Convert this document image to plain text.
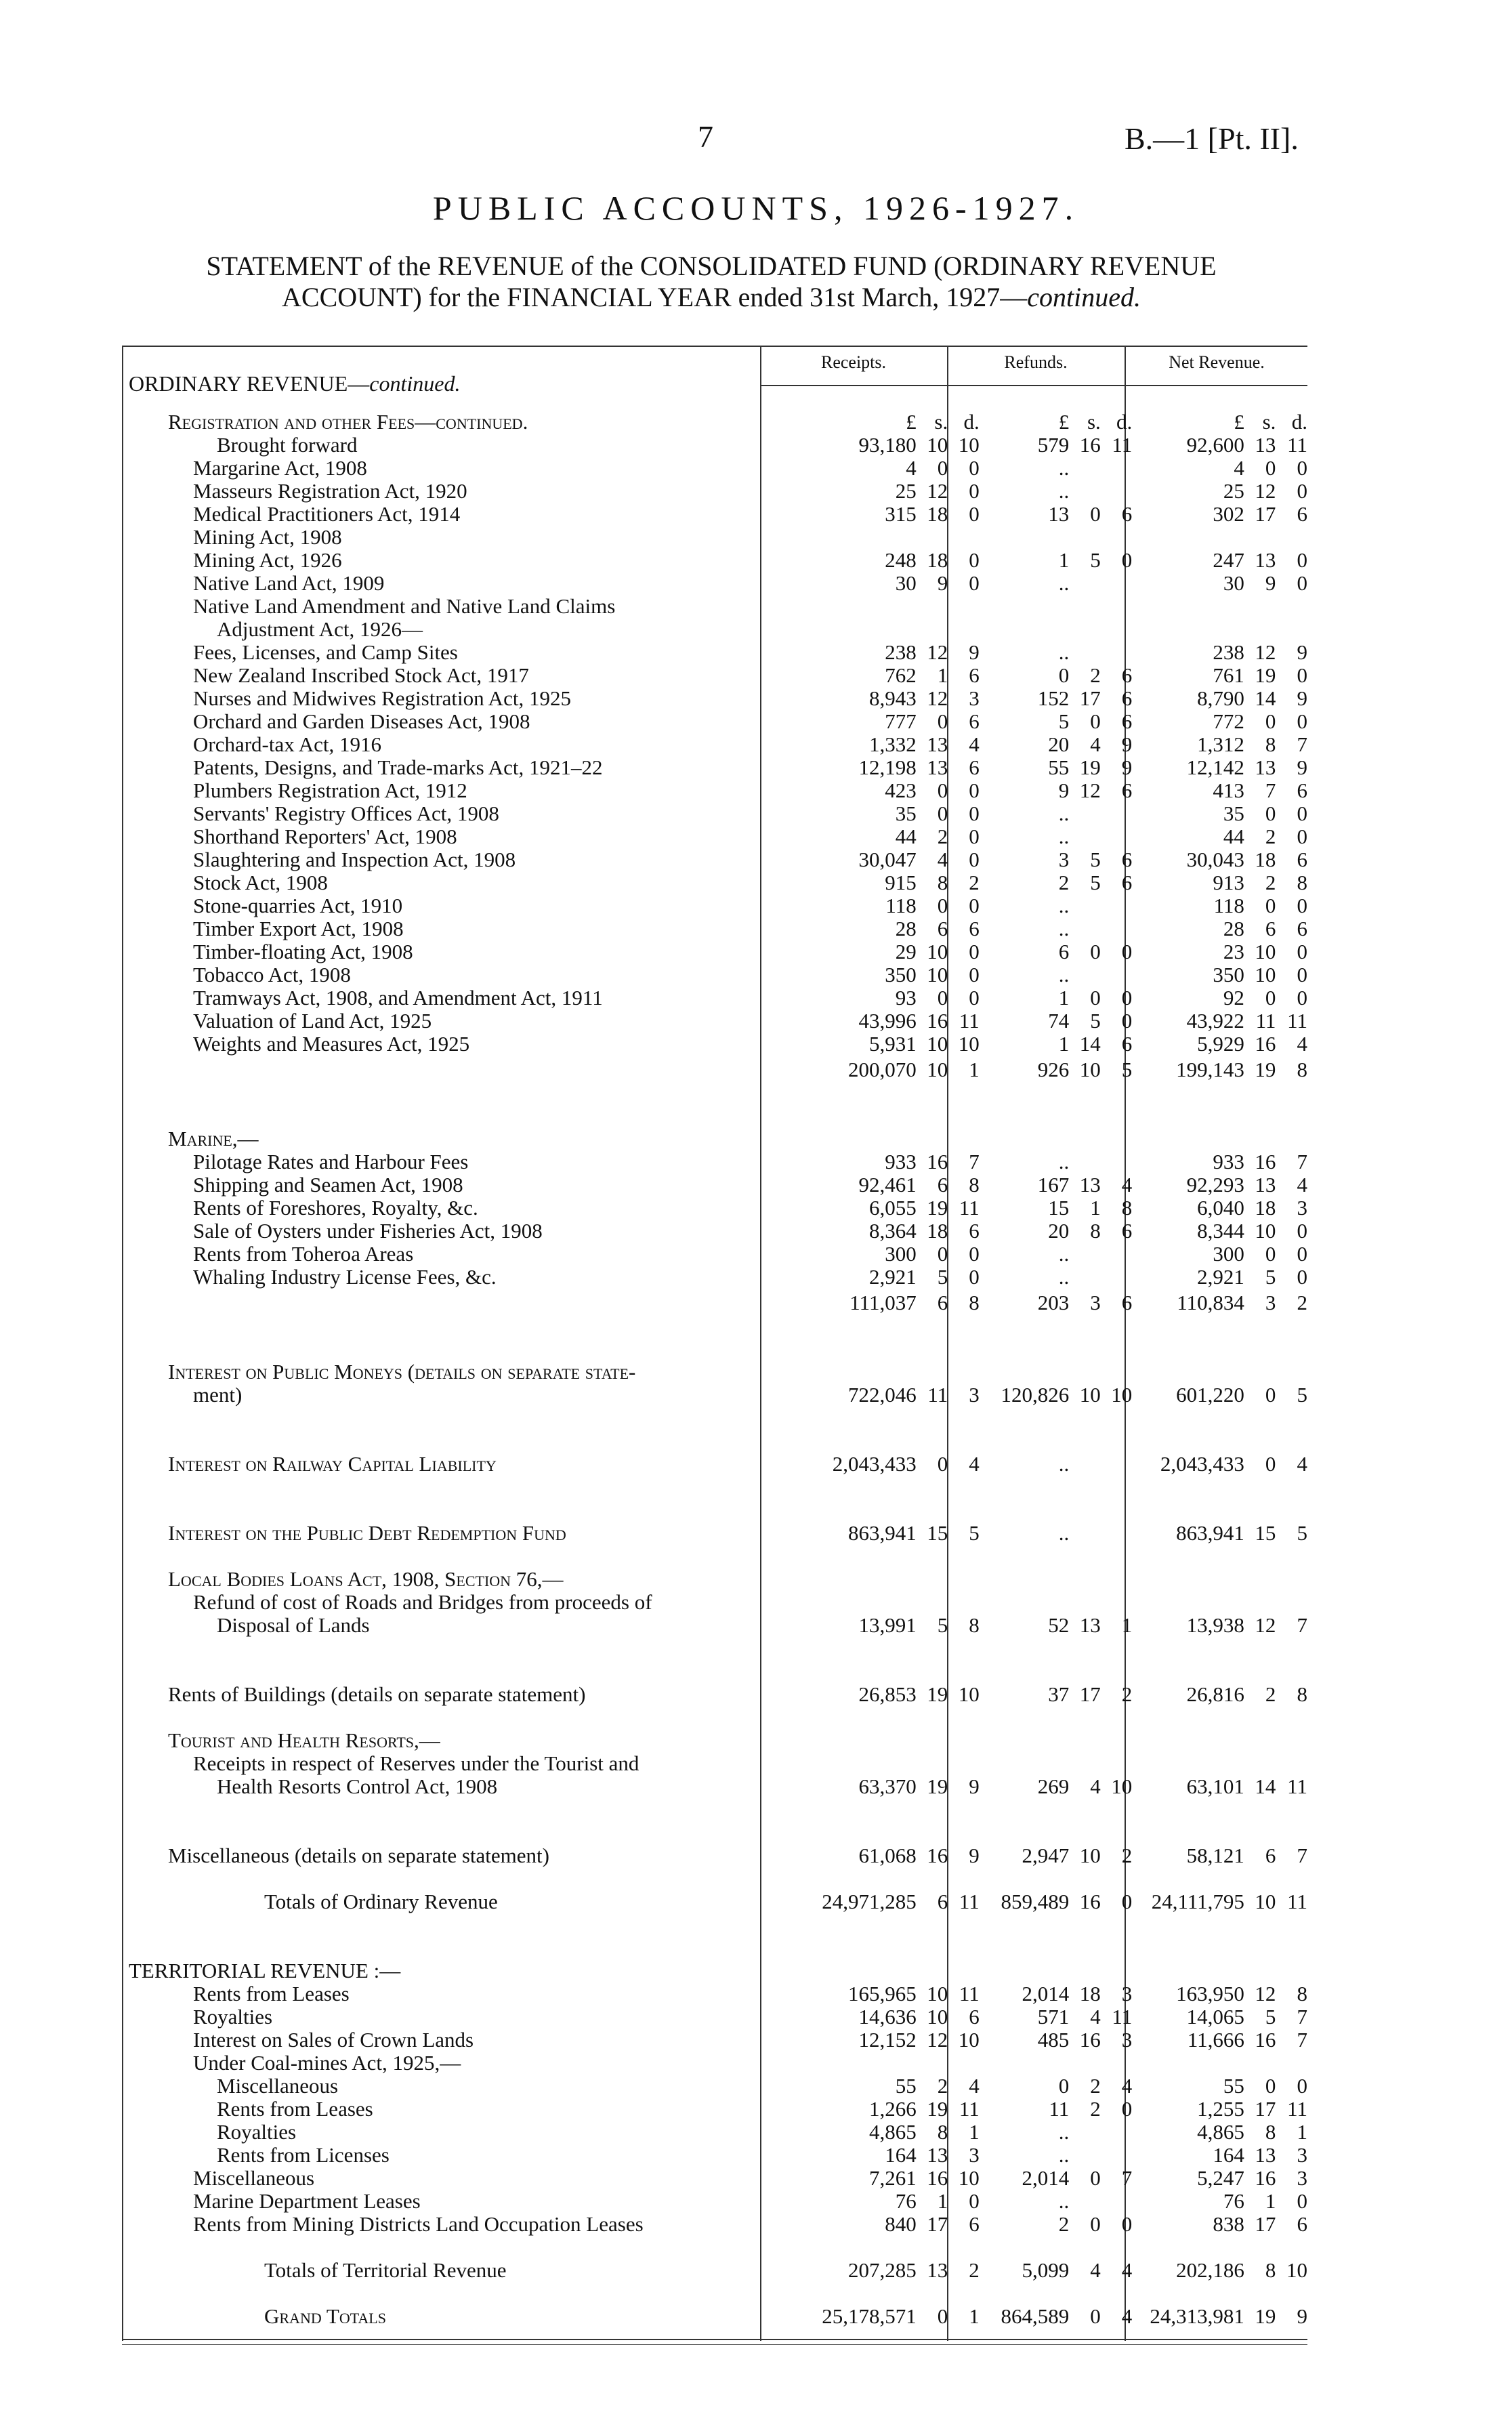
7	B.—1 [Pt. II].
PUBLIC ACCOUNTS, 1926-1927.
STATEMENT of the REVENUE of the CONSOLIDATED FUND (ORDINARY REVENUE
ACCOUNT) for the FINANCIAL YEAR ended 31st March, 1927—continued.
Receipts.	Refunds.	Net Revenue.
ORDINARY REVENUE—continued.
Registration and other Fees—continued.	£	s.	d.		£	s.	d.		£	s.	d.
Brought forward	93,180	10	10		579	16	11		92,600	13	11
Margarine Act, 1908	4	0	0		..				4	0	0
Masseurs Registration Act, 1920	25	12	0		..				25	12	0
Medical Practitioners Act, 1914	315	18	0		13	0	6		302	17	6
Mining Act, 1908											
Mining Act, 1926	248	18	0		1	5	0		247	13	0
Native Land Act, 1909	30	9	0		..				30	9	0
Native Land Amendment and Native Land Claims											
Adjustment Act, 1926—											
Fees, Licenses, and Camp Sites	238	12	9		..				238	12	9
New Zealand Inscribed Stock Act, 1917	762	1	6		0	2	6		761	19	0
Nurses and Midwives Registration Act, 1925	8,943	12	3		152	17	6		8,790	14	9
Orchard and Garden Diseases Act, 1908	777	0	6		5	0	6		772	0	0
Orchard-tax Act, 1916	1,332	13	4		20	4	9		1,312	8	7
Patents, Designs, and Trade-marks Act, 1921–22	12,198	13	6		55	19	9		12,142	13	9
Plumbers Registration Act, 1912	423	0	0		9	12	6		413	7	6
Servants' Registry Offices Act, 1908	35	0	0		..				35	0	0
Shorthand Reporters' Act, 1908	44	2	0		..				44	2	0
Slaughtering and Inspection Act, 1908	30,047	4	0		3	5	6		30,043	18	6
Stock Act, 1908	915	8	2		2	5	6		913	2	8
Stone-quarries Act, 1910	118	0	0		..				118	0	0
Timber Export Act, 1908	28	6	6		..				28	6	6
Timber-floating Act, 1908	29	10	0		6	0	0		23	10	0
Tobacco Act, 1908	350	10	0		..				350	10	0
Tramways Act, 1908, and Amendment Act, 1911	93	0	0		1	0	0		92	0	0
Valuation of Land Act, 1925	43,996	16	11		74	5	0		43,922	11	11
Weights and Measures Act, 1925	5,931	10	10		1	14	6		5,929	16	4
	200,070	10	1		926	10	5		199,143	19	8

Marine,—											
Pilotage Rates and Harbour Fees	933	16	7		..				933	16	7
Shipping and Seamen Act, 1908	92,461	6	8		167	13	4		92,293	13	4
Rents of Foreshores, Royalty, &c.	6,055	19	11		15	1	8		6,040	18	3
Sale of Oysters under Fisheries Act, 1908	8,364	18	6		20	8	6		8,344	10	0
Rents from Toheroa Areas	300	0	0		..				300	0	0
Whaling Industry License Fees, &c.	2,921	5	0		..				2,921	5	0
	111,037	6	8		203	3	6		110,834	3	2

Interest on Public Moneys (details on separate state-											
ment)	722,046	11	3		120,826	10	10		601,220	0	5

Interest on Railway Capital Liability	2,043,433	0	4		..				2,043,433	0	4

Interest on the Public Debt Redemption Fund	863,941	15	5		..				863,941	15	5

Local Bodies Loans Act, 1908, Section 76,—											
Refund of cost of Roads and Bridges from proceeds of											
Disposal of Lands	13,991	5	8		52	13	1		13,938	12	7

Rents of Buildings (details on separate statement)	26,853	19	10		37	17	2		26,816	2	8

Tourist and Health Resorts,—											
Receipts in respect of Reserves under the Tourist and											
Health Resorts Control Act, 1908	63,370	19	9		269	4	10		63,101	14	11

Miscellaneous (details on separate statement)	61,068	16	9		2,947	10	2		58,121	6	7

Totals of Ordinary Revenue	24,971,285	6	11		859,489	16	0		24,111,795	10	11

TERRITORIAL REVENUE :—											
Rents from Leases	165,965	10	11		2,014	18	3		163,950	12	8
Royalties	14,636	10	6		571	4	11		14,065	5	7
Interest on Sales of Crown Lands	12,152	12	10		485	16	3		11,666	16	7
Under Coal-mines Act, 1925,—											
Miscellaneous	55	2	4		0	2	4		55	0	0
Rents from Leases	1,266	19	11		11	2	0		1,255	17	11
Royalties	4,865	8	1		..				4,865	8	1
Rents from Licenses	164	13	3		..				164	13	3
Miscellaneous	7,261	16	10		2,014	0	7		5,247	16	3
Marine Department Leases	76	1	0		..				76	1	0
Rents from Mining Districts Land Occupation Leases	840	17	6		2	0	0		838	17	6

Totals of Territorial Revenue	207,285	13	2		5,099	4	4		202,186	8	10

Grand Totals	25,178,571	0	1		864,589	0	4		24,313,981	19	9
